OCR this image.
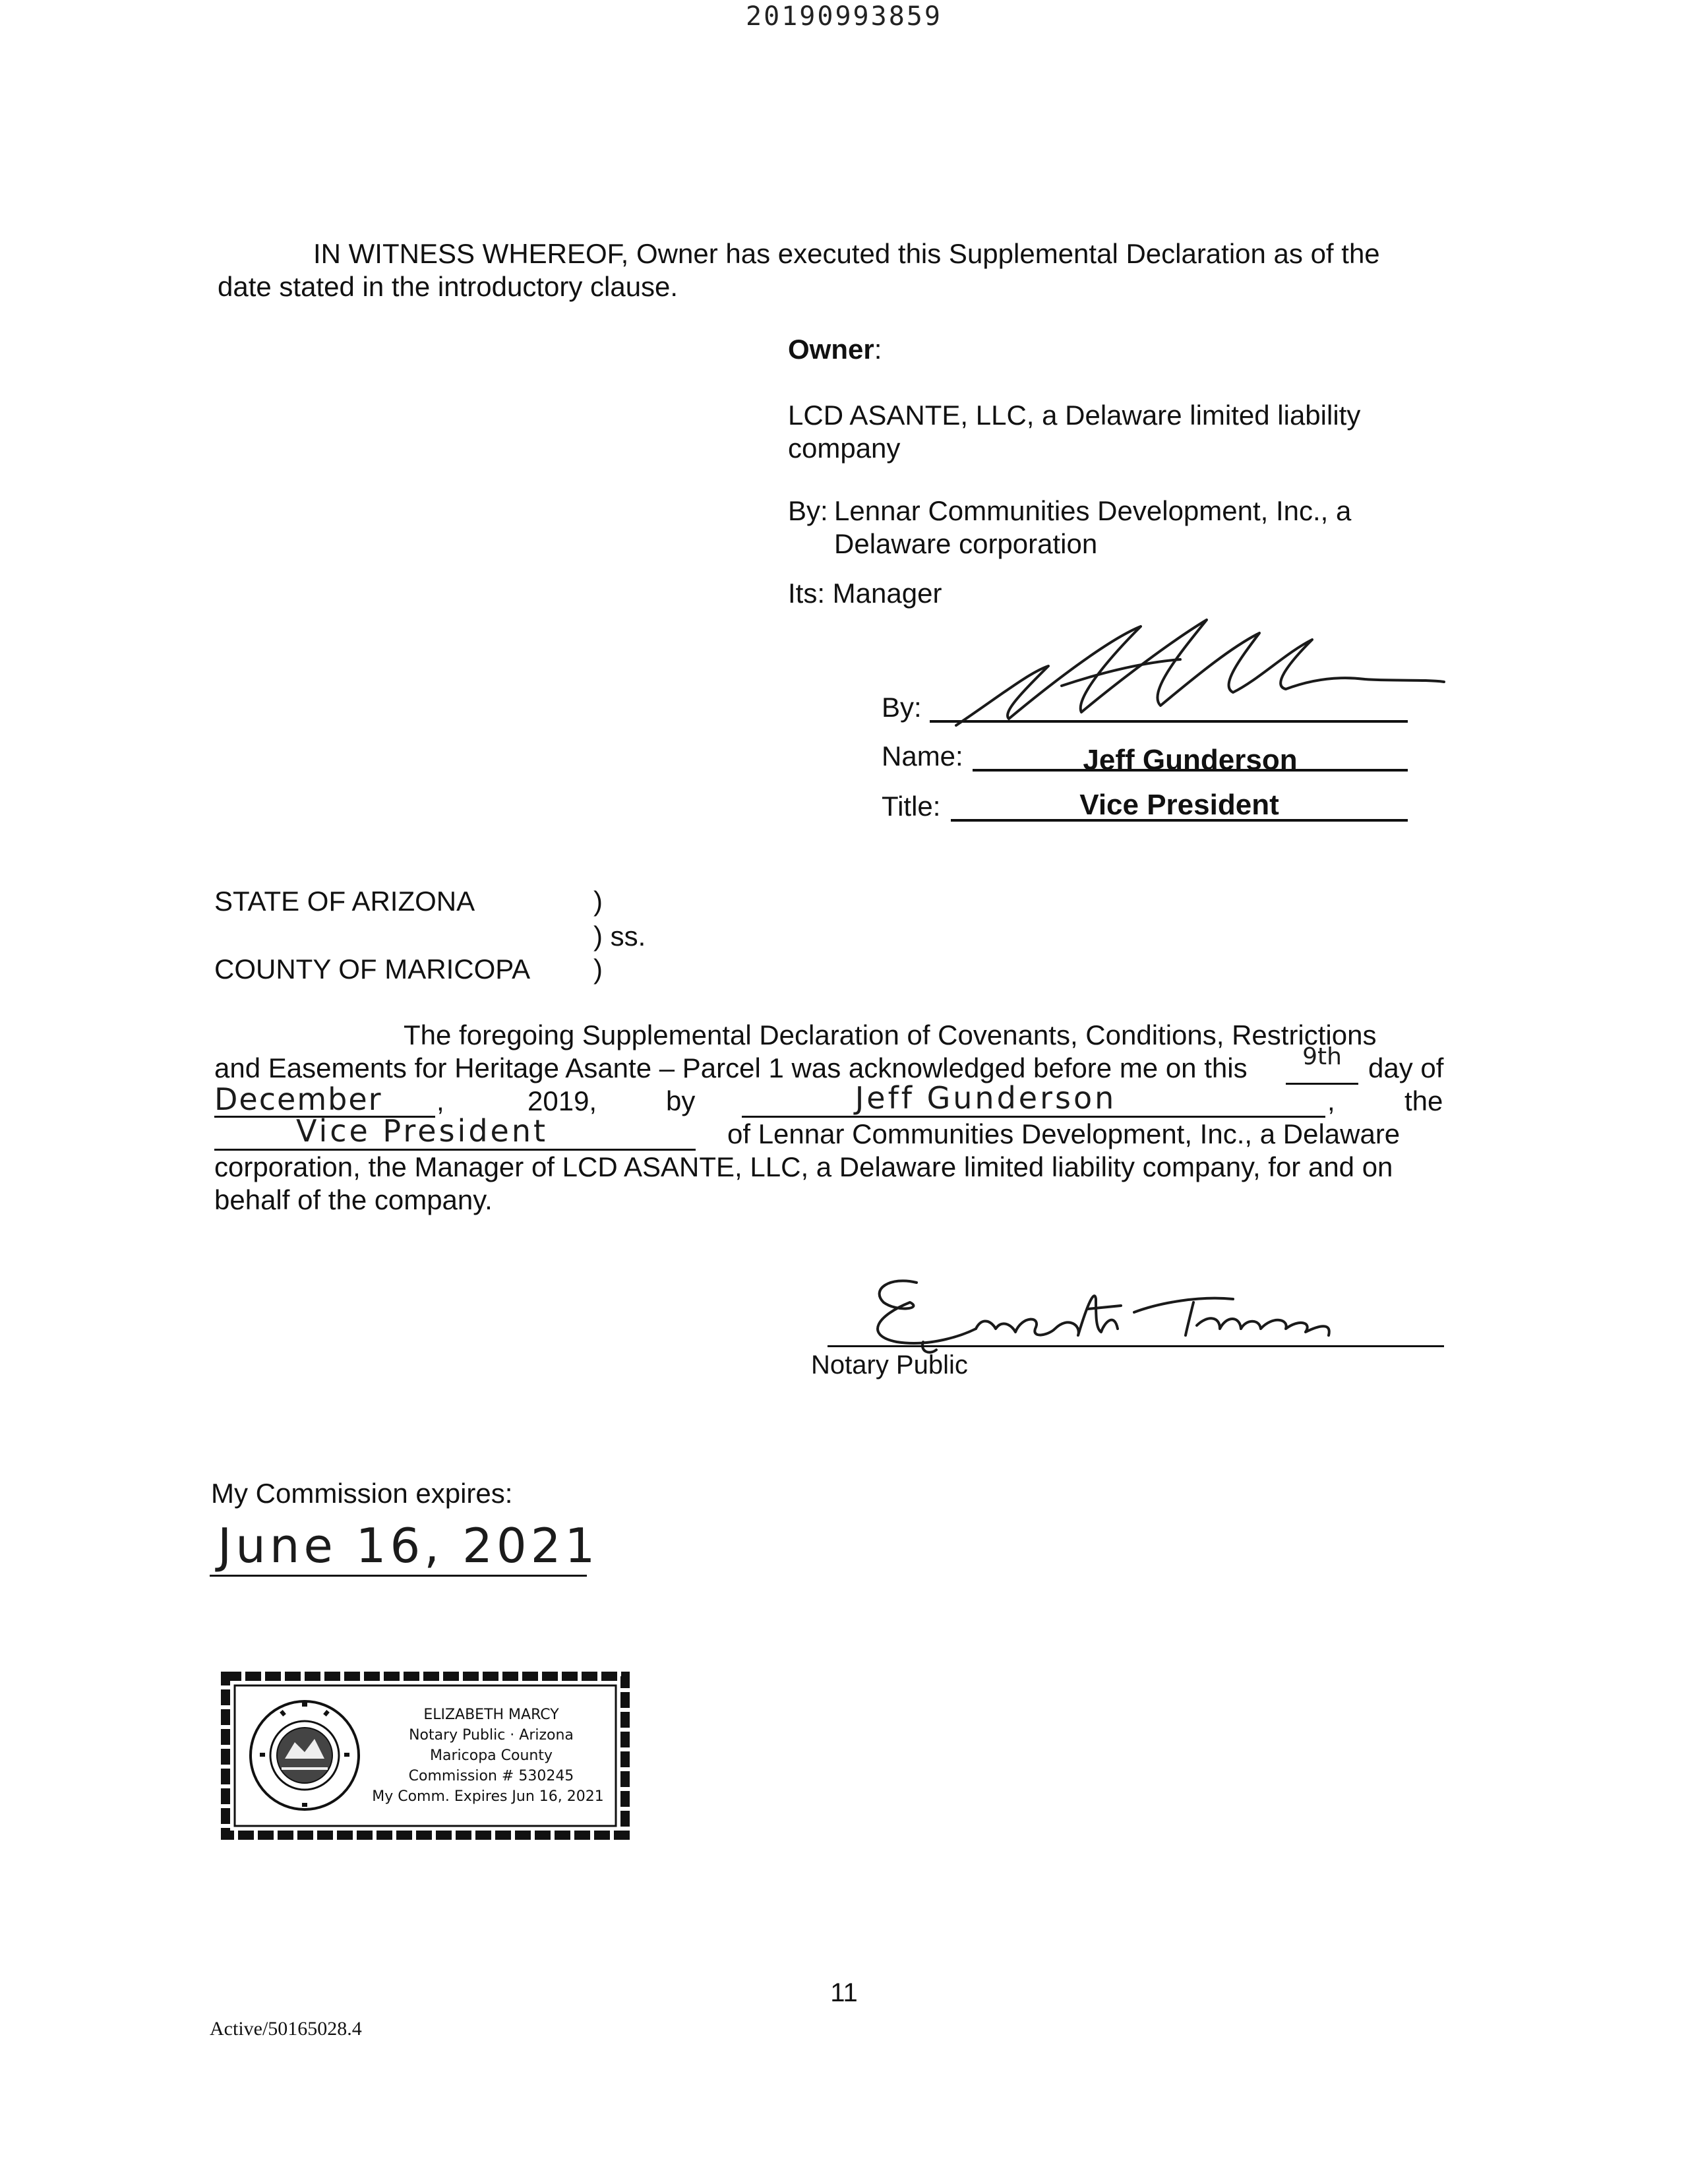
20190993859
IN WITNESS WHEREOF, Owner has executed this Supplemental Declaration as of the
date stated in the introductory clause.
Owner:
LCD ASANTE, LLC, a Delaware limited liability
company
By: Lennar Communities Development, Inc., a
Delaware corporation
Its: Manager
By:
Name:	Jeff Gunderson
Title:	Vice President
STATE OF ARIZONA	)
) ss.
COUNTY OF MARICOPA )
The foregoing Supplemental Declaration of Covenants, Conditions, Restrictions
and Easements for Heritage Asante – Parcel 1 was acknowledged before me on this	9th day of
December	,	2019, by	Jeff Gunderson	,	the
Vice President	of Lennar Communities Development, Inc., a Delaware
corporation, the Manager of LCD ASANTE, LLC, a Delaware limited liability company, for and on
behalf of the company.
Notary Public
My Commission expires:
June 16, 2021
ELIZABETH MARCY
Notary Public · Arizona
Maricopa County
Commission # 530245
My Comm. Expires Jun 16, 2021
11
Active/50165028.4
